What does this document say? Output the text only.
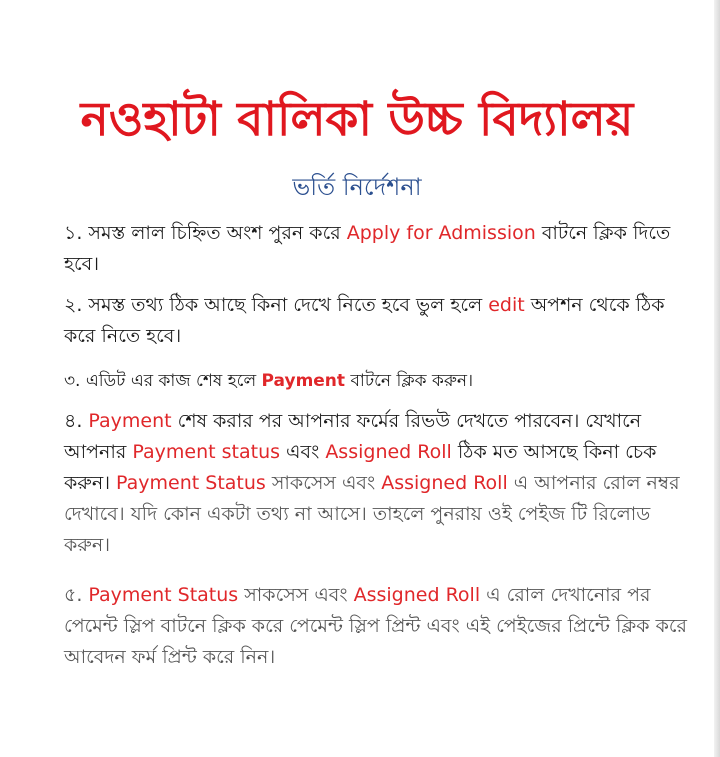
নওহাটা বালিকা উচ্চ বিদ্যালয়
ভর্তি নির্দেশনা

১. সমস্ত লাল চিহ্নিত অংশ পুরন করে Apply for Admission বাটনে ক্লিক দিতে হবে।

২. সমস্ত তথ্য ঠিক আছে কিনা দেখে নিতে হবে ভুল হলে edit অপশন থেকে ঠিক করে নিতে হবে।

৩. এডিট এর কাজ শেষ হলে Payment বাটনে ক্লিক করুন।

৪. Payment শেষ করার পর আপনার ফর্মের রিভউ দেখতে পারবেন। যেখানে আপনার Payment status এবং Assigned Roll ঠিক মত আসছে কিনা চেক করুন। Payment Status সাকসেস এবং Assigned Roll এ আপনার রোল নম্বর দেখাবে। যদি কোন একটা তথ্য না আসে। তাহলে পুনরায় ওই পেইজ টি রিলোড করুন।

৫. Payment Status সাকসেস এবং Assigned Roll এ রোল দেখানোর পর পেমেন্ট স্লিপ বাটনে ক্লিক করে পেমেন্ট স্লিপ প্রিন্ট এবং এই পেইজের প্রিন্টে ক্লিক করে আবেদন ফর্ম প্রিন্ট করে নিন।
